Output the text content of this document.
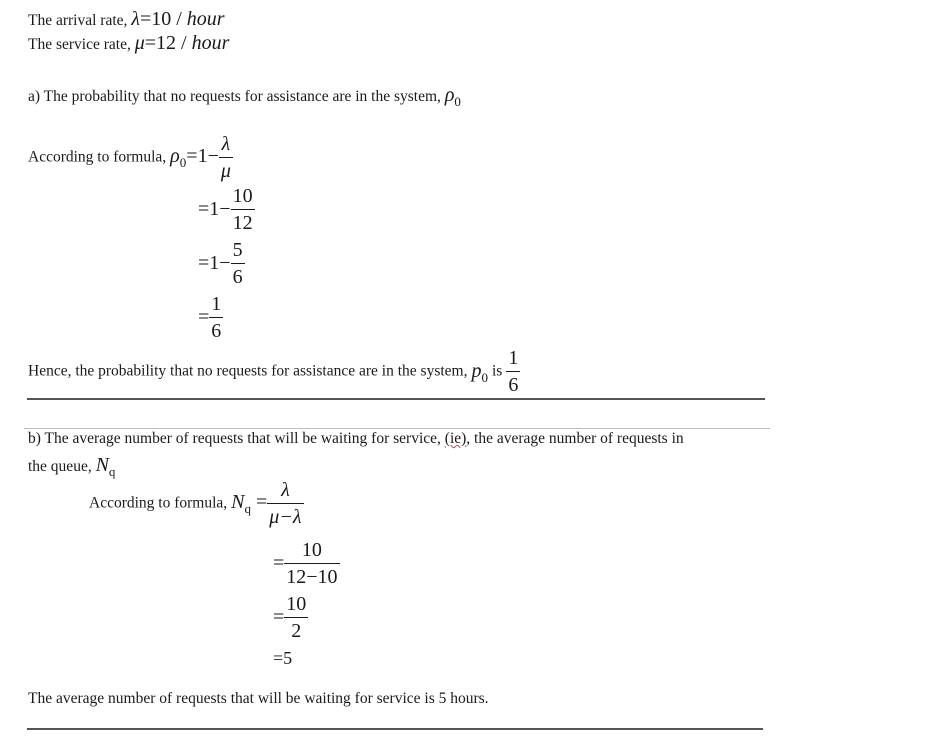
The arrival rate, λ=10 / hour
The service rate, μ=12 / hour
a) The probability that no requests for assistance are in the system, $\rho_0$
According to formula, $\rho_0=1- \frac{\lambda}{\mu}$
$=1- \frac{10}{12}$
$=1- \frac{5}{6}$
= $\frac{1}{6}$
Hence, the probability that no requests for assistance are in the system, $p_0$ is $\frac{1}{6}$
b) The average number of requests that will be waiting for service, (ie), the average number of requests in
the queue, $N_q$
According to formula, $N_q = \frac{\lambda}{\mu-\lambda}$
= $\frac{10}{12-10}$
= $\frac{10}{2}$
=5
The average number of requests that will be waiting for service is 5 hours.
